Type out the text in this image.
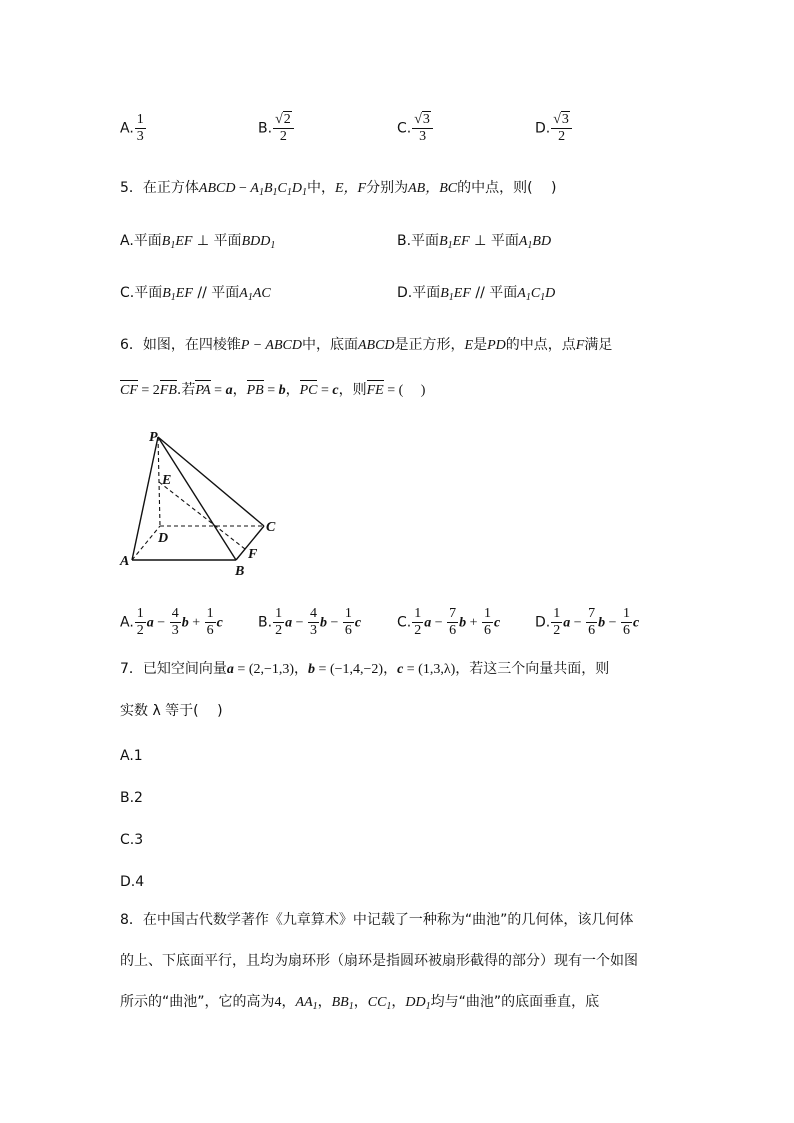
A. $\frac{1}{3}$	B. $\frac{√2}{2}$	C. $\frac{√3}{3}$	D. $\frac{√3}{2}$
5．在正方体ABCD − $A_1B_1C_1D_1$中，E，F分别为AB，BC的中点，则(　 )
A.平面$B_1EF$ ⊥ 平面$BDD_1$	B.平面$B_1EF$ ⊥ 平面$A_1BD$
C.平面$B_1EF$ // 平面$A_1AC$	D.平面$B_1EF$ // 平面$A_1C_1D$
6．如图，在四棱锥P − ABCD中，底面ABCD是正方形，E是PD的中点，点F满足
CF = 2FB.若PA = a，PB = b，PC = c，则FE = (　 )
P
E
C
D
A
B
F
A. $\frac{1}{2}$ $a - \frac{4}{3}$ $b + \frac{1}{6}$ c	B. $\frac{1}{2}$ $a - \frac{4}{3}$ $b - \frac{1}{6}$ c	C. $\frac{1}{2}$ $a - \frac{7}{6}$ $b + \frac{1}{6}$ c D. $\frac{1}{2}$ $a - \frac{7}{6}$ $b - \frac{1}{6}$ c
7．已知空间向量a = (2,−1,3)，b = (−1,4,−2)，c = (1,3,λ)，若这三个向量共面，则
实数 λ 等于(　 )
A.1
B.2
C.3
D.4
8．在中国古代数学著作《九章算术》中记载了一种称为“曲池”的几何体，该几何体
的上、下底面平行，且均为扇环形（扇环是指圆环被扇形截得的部分）现有一个如图
所示的“曲池”，它的高为4，$AA_1$，$BB_1$，$CC_1$，$DD_1$均与“曲池”的底面垂直，底
